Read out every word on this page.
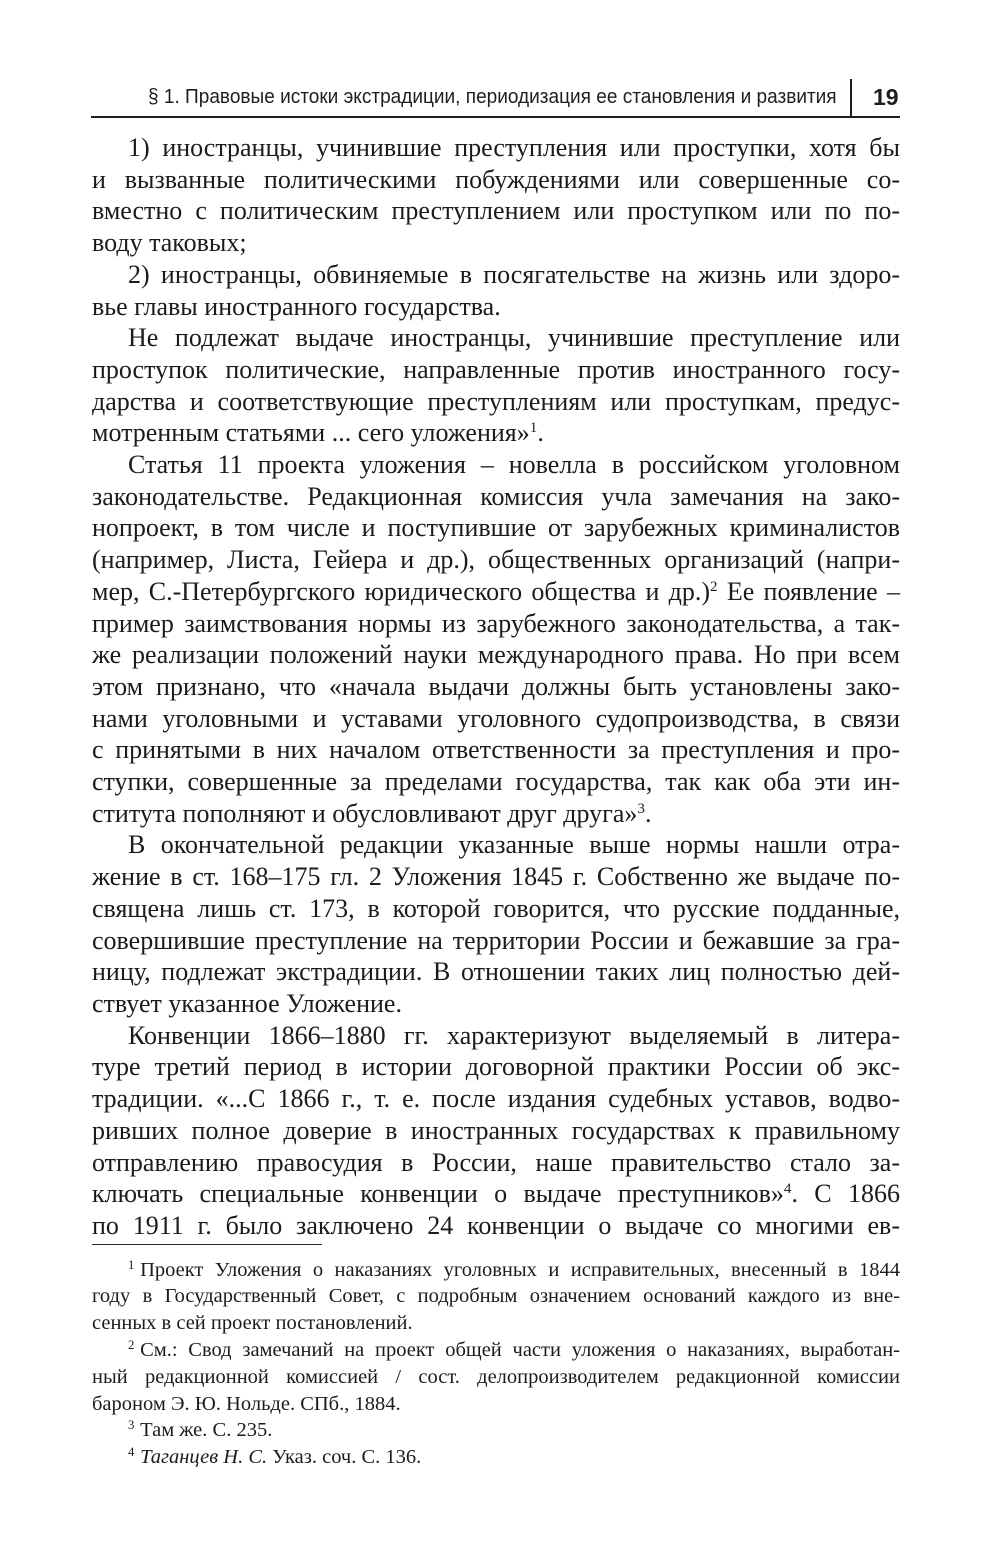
§ 1. Правовые истоки экстрадиции, периодизация ее становления и развития 19
1) иностранцы, учинившие преступления или проступки, хотя бы
и вызванные политическими побуждениями или совершенные со-
вместно с политическим преступлением или проступком или по по-
воду таковых;
2) иностранцы, обвиняемые в посягательстве на жизнь или здоро-
вье главы иностранного государства.
Не подлежат выдаче иностранцы, учинившие преступление или
проступок политические, направленные против иностранного госу-
дарства и соответствующие преступлениям или проступкам, предус-
мотренным статьями ... сего уложения»$^1$.
Статья 11 проекта уложения – новелла в российском уголовном
законодательстве. Редакционная комиссия учла замечания на зако-
нопроект, в том числе и поступившие от зарубежных криминалистов
(например, Листа, Гейера и др.), общественных организаций (напри-
мер, С.-Петербургского юридического общества и др.)$^2$ Ее появление –
пример заимствования нормы из зарубежного законодательства, а так-
же реализации положений науки международного права. Но при всем
этом признано, что «начала выдачи должны быть установлены зако-
нами уголовными и уставами уголовного судопроизводства, в связи
с принятыми в них началом ответственности за преступления и про-
ступки, совершенные за пределами государства, так как оба эти ин-
ститута пополняют и обусловливают друг друга»$^3$.
В окончательной редакции указанные выше нормы нашли отра-
жение в ст. 168–175 гл. 2 Уложения 1845 г. Собственно же выдаче по-
священа лишь ст. 173, в которой говорится, что русские подданные,
совершившие преступление на территории России и бежавшие за гра-
ницу, подлежат экстрадиции. В отношении таких лиц полностью дей-
ствует указанное Уложение.
Конвенции 1866–1880 гг. характеризуют выделяемый в литера-
туре третий период в истории договорной практики России об экс-
традиции. «...С 1866 г., т. е. после издания судебных уставов, водво-
ривших полное доверие в иностранных государствах к правильному
отправлению правосудия в России, наше правительство стало за-
ключать специальные конвенции о выдаче преступников»$^4$. С 1866
по 1911 г. было заключено 24 конвенции о выдаче со многими ев-
$^1$ Проект Уложения о наказаниях уголовных и исправительных, внесенный в 1844
году в Государственный Совет, с подробным означением оснований каждого из вне-
сенных в сей проект постановлений.
$^2$ См.: Свод замечаний на проект общей части уложения о наказаниях, выработан-
ный редакционной комиссией / сост. делопроизводителем редакционной комиссии
бароном Э. Ю. Нольде. СПб., 1884.
$^3$ Там же. С. 235.
$^4$ Таганцев Н. С. Указ. соч. С. 136.
